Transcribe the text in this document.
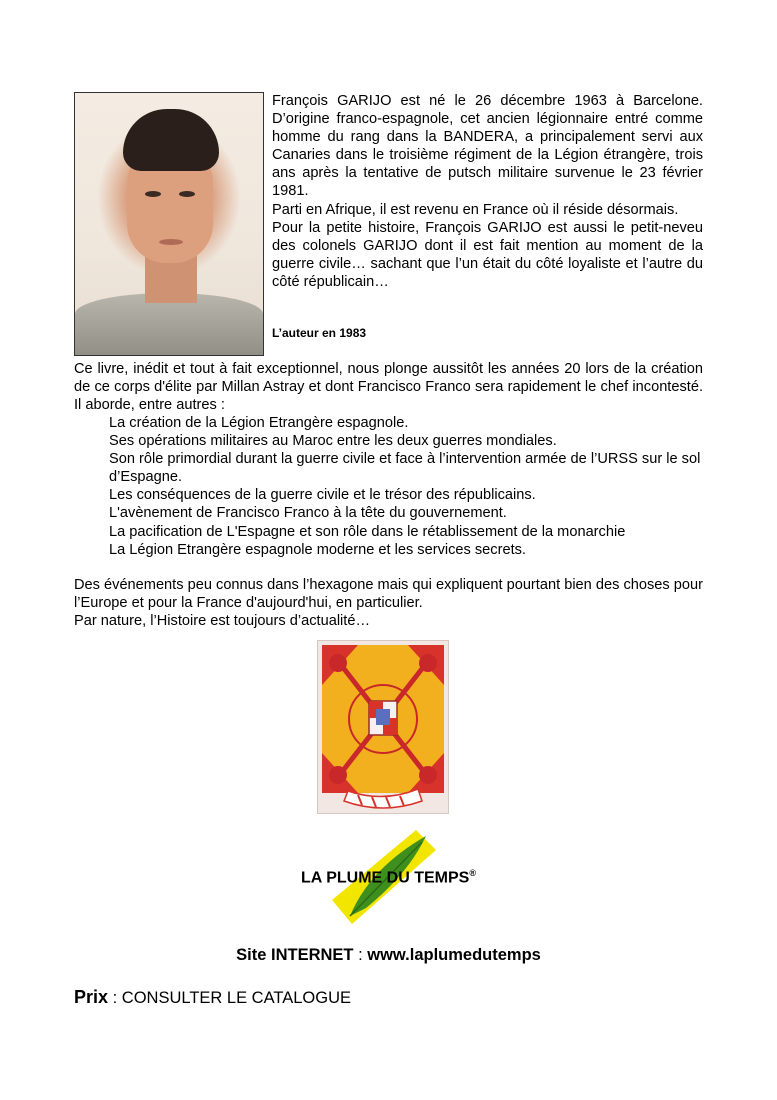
François GARIJO est né le 26 décembre 1963 à Barcelone. D’origine franco-espagnole, cet ancien légionnaire entré comme homme du rang dans la BANDERA, a principalement servi aux Canaries dans le troisième régiment de la Légion étrangère, trois ans après la tentative de putsch militaire survenue le 23 février 1981.

Parti en Afrique, il est revenu en France où il réside désormais.

Pour la petite histoire, François GARIJO est aussi le petit-neveu des colonels GARIJO dont il est fait mention au moment de la guerre civile… sachant que l’un était du côté loyaliste et l’autre du côté républicain…

L’auteur en 1983

Ce livre, inédit et tout à fait exceptionnel, nous plonge aussitôt les années 20 lors de la création de ce corps d'élite par Millan Astray et dont Francisco Franco sera rapidement le chef incontesté. Il aborde, entre autres :

La création de la Légion Etrangère espagnole.
Ses opérations militaires au Maroc entre les deux guerres mondiales.
Son rôle primordial durant la guerre civile et face à l’intervention armée de l’URSS sur le sol d’Espagne.
Les conséquences de la guerre civile et le trésor des républicains.
L'avènement de Francisco Franco à la tête du gouvernement.
La pacification de L'Espagne et son rôle dans le rétablissement de la monarchie
La Légion Etrangère espagnole moderne et les services secrets.

Des événements peu connus dans l’hexagone mais qui expliquent pourtant bien des choses pour l’Europe et pour la France d'aujourd'hui, en particulier.

Par nature, l’Histoire est toujours d’actualité…

LA PLUME DU TEMPS®
Site INTERNET : www.laplumedutemps
Prix : CONSULTER LE CATALOGUE
